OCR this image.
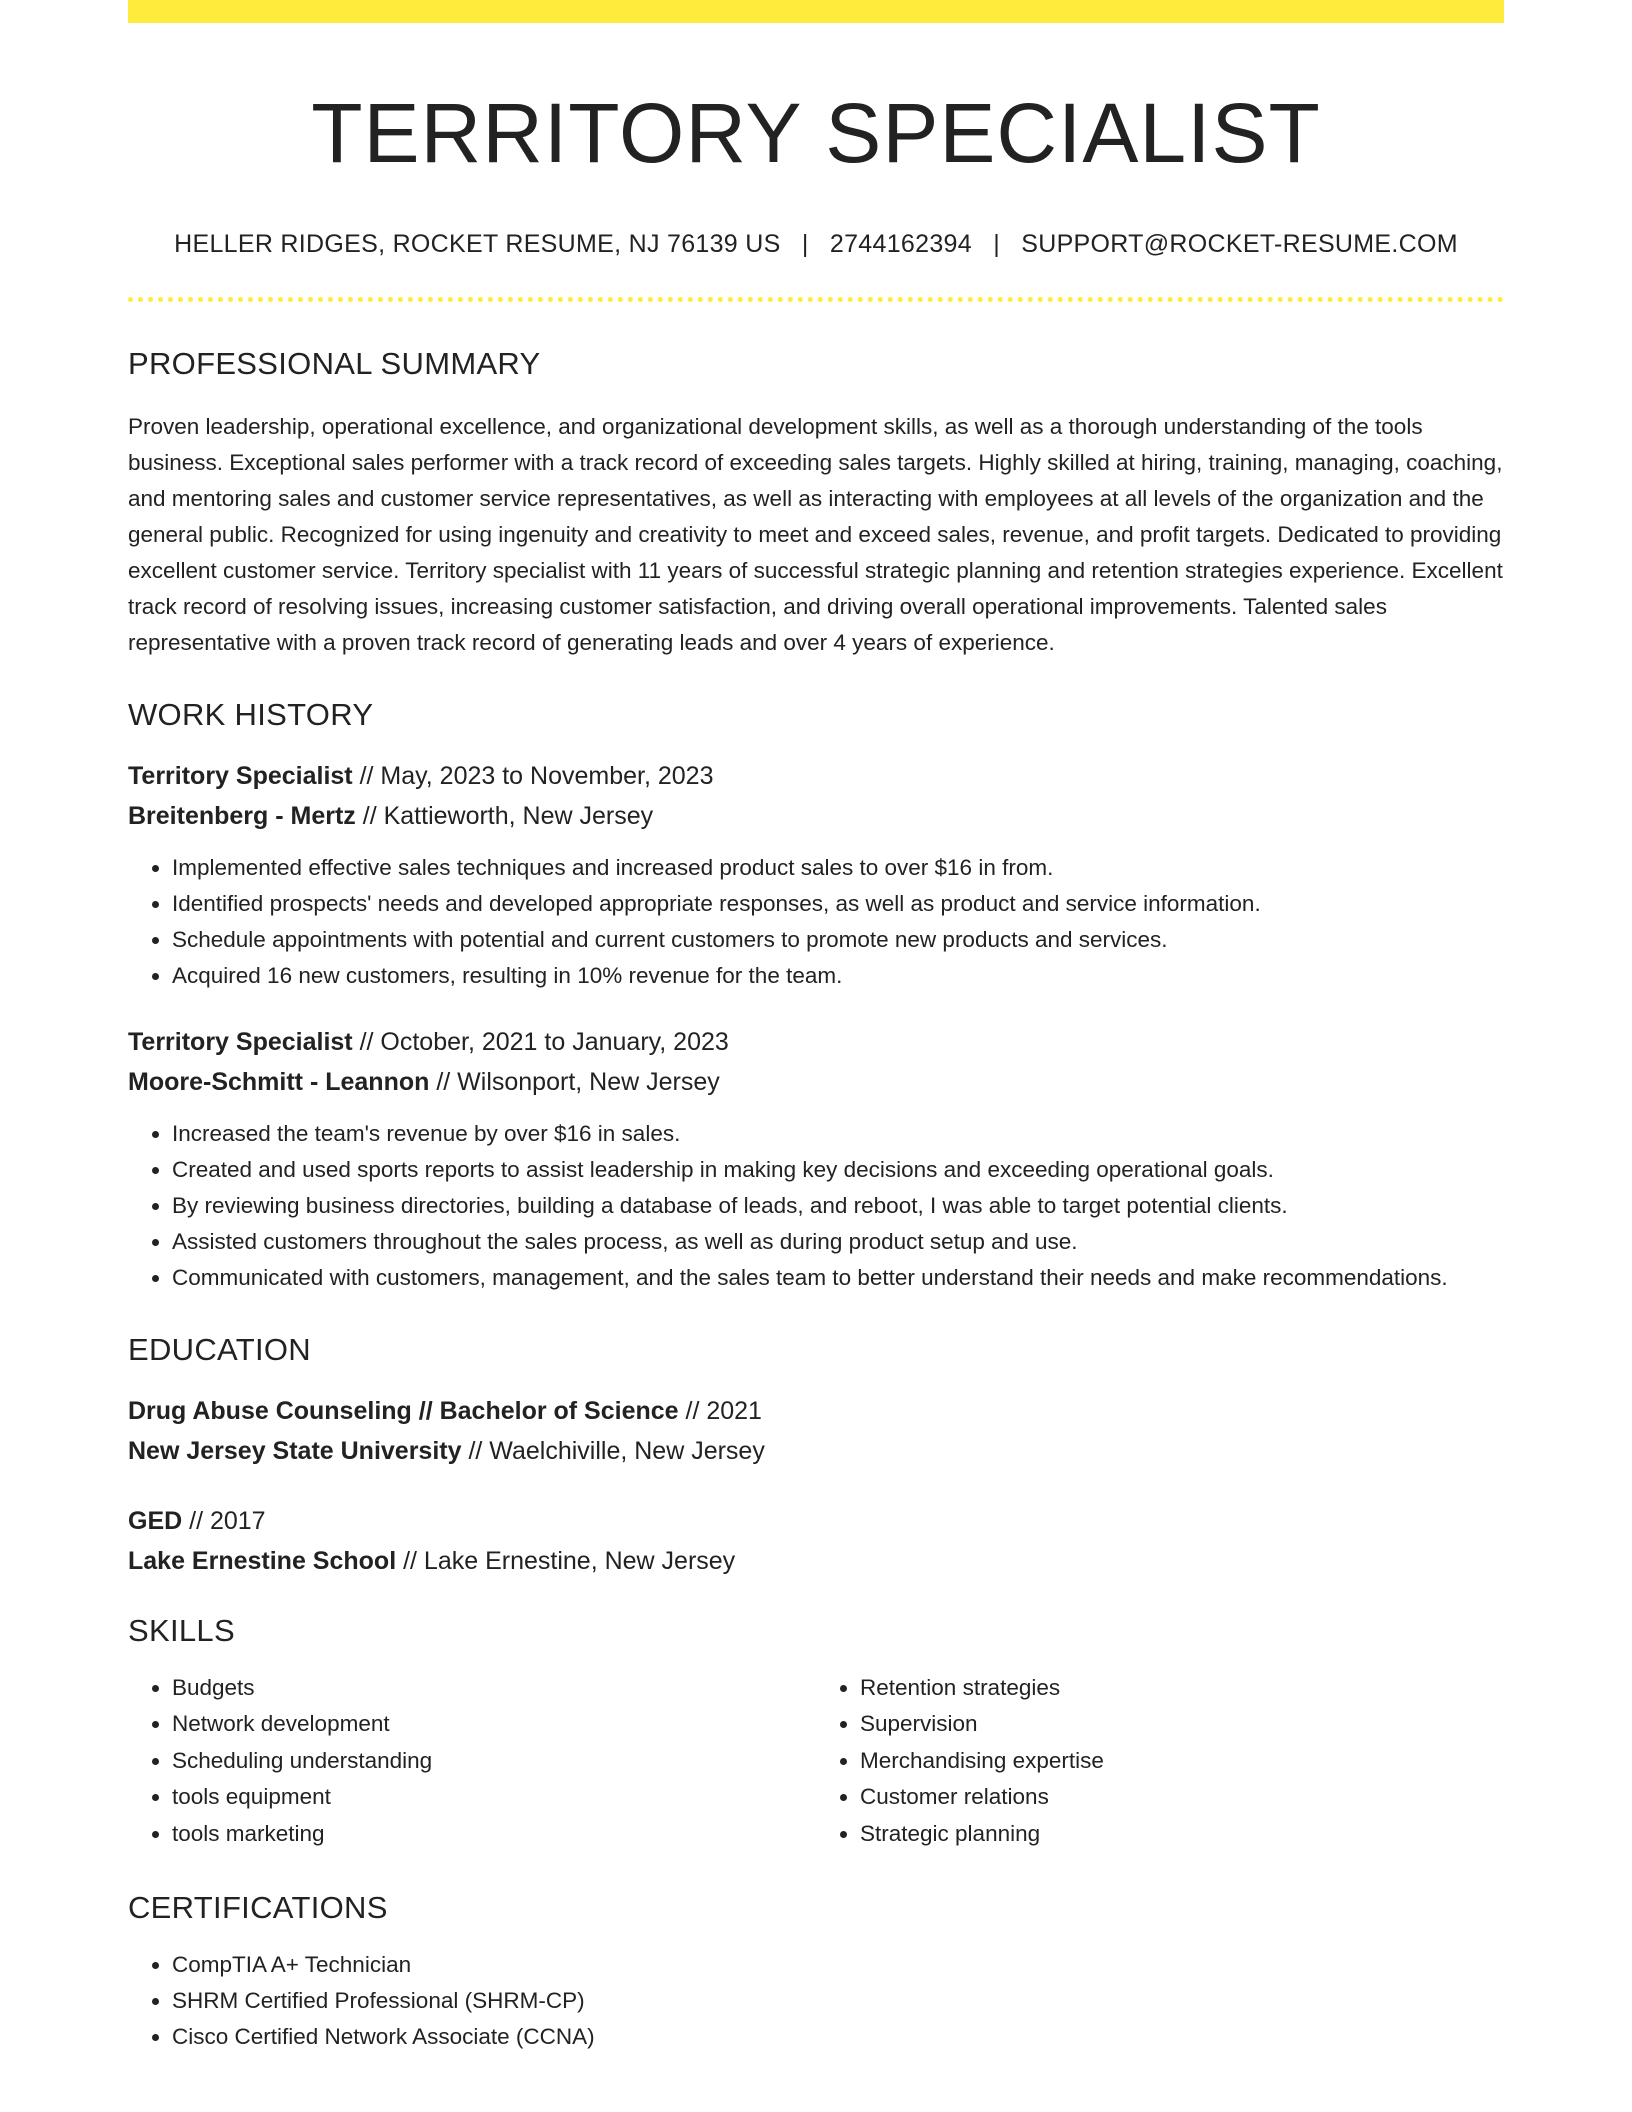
TERRITORY SPECIALIST
HELLER RIDGES, ROCKET RESUME, NJ 76139 US | 2744162394 | SUPPORT@ROCKET-RESUME.COM
PROFESSIONAL SUMMARY

Proven leadership, operational excellence, and organizational development skills, as well as a thorough understanding of the tools business. Exceptional sales performer with a track record of exceeding sales targets. Highly skilled at hiring, training, managing, coaching, and mentoring sales and customer service representatives, as well as interacting with employees at all levels of the organization and the general public. Recognized for using ingenuity and creativity to meet and exceed sales, revenue, and profit targets. Dedicated to providing excellent customer service. Territory specialist with 11 years of successful strategic planning and retention strategies experience. Excellent track record of resolving issues, increasing customer satisfaction, and driving overall operational improvements. Talented sales representative with a proven track record of generating leads and over 4 years of experience.

WORK HISTORY
Territory Specialist // May, 2023 to November, 2023
Breitenberg - Mertz // Kattieworth, New Jersey
• Implemented effective sales techniques and increased product sales to over $16 in from.
• Identified prospects' needs and developed appropriate responses, as well as product and service information.
• Schedule appointments with potential and current customers to promote new products and services.
• Acquired 16 new customers, resulting in 10% revenue for the team.
Territory Specialist // October, 2021 to January, 2023
Moore-Schmitt - Leannon // Wilsonport, New Jersey
• Increased the team's revenue by over $16 in sales.
• Created and used sports reports to assist leadership in making key decisions and exceeding operational goals.
• By reviewing business directories, building a database of leads, and reboot, I was able to target potential clients.
• Assisted customers throughout the sales process, as well as during product setup and use.
• Communicated with customers, management, and the sales team to better understand their needs and make recommendations.
EDUCATION
Drug Abuse Counseling // Bachelor of Science // 2021
New Jersey State University // Waelchiville, New Jersey
GED // 2017
Lake Ernestine School // Lake Ernestine, New Jersey
SKILLS
• Budgets
• Network development
• Scheduling understanding
• tools equipment
• tools marketing
• Retention strategies
• Supervision
• Merchandising expertise
• Customer relations
• Strategic planning
CERTIFICATIONS
• CompTIA A+ Technician
• SHRM Certified Professional (SHRM-CP)
• Cisco Certified Network Associate (CCNA)
